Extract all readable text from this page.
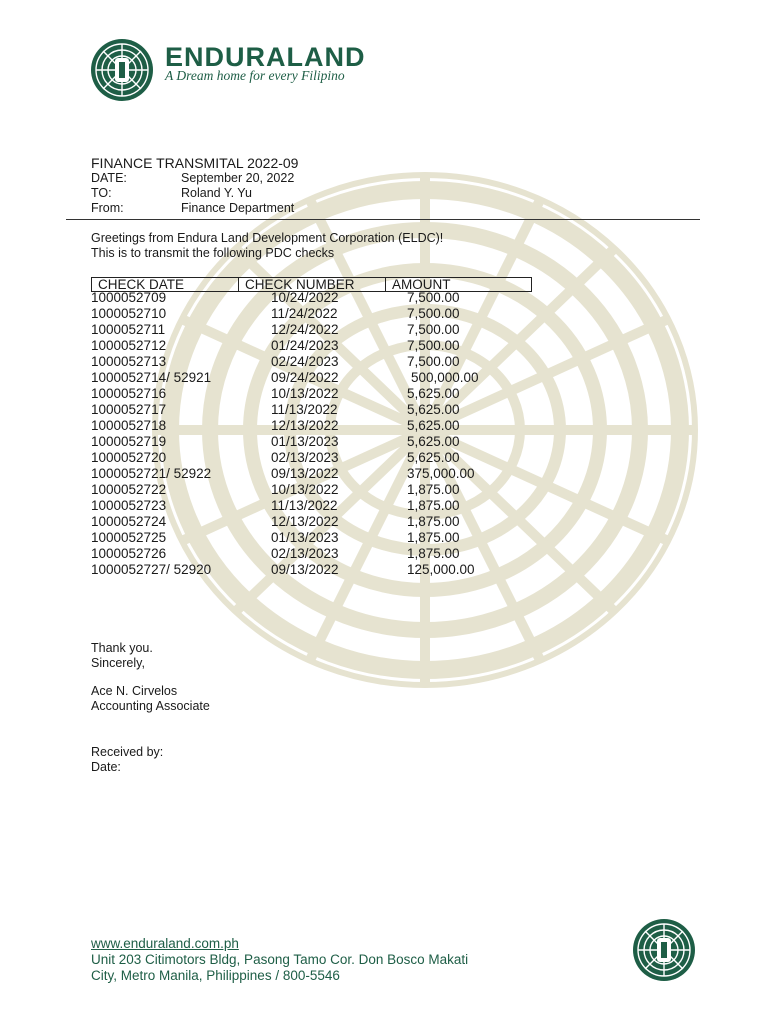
ENDURALAND
A Dream home for every Filipino
FINANCE TRANSMITAL 2022-09
DATE:	September 20, 2022
TO:	Roland Y. Yu
From:	Finance Department
Greetings from Endura Land Development Corporation (ELDC)!
This is to transmit the following PDC checks
CHECK DATE	CHECK NUMBER	AMOUNT
1000052709	10/24/2022	7,500.00
1000052710	11/24/2022	7,500.00
1000052711	12/24/2022	7,500.00
1000052712	01/24/2023	7,500.00
1000052713	02/24/2023	7,500.00
1000052714/ 52921	09/24/2022	500,000.00
1000052716	10/13/2022	5,625.00
1000052717	11/13/2022	5,625.00
1000052718	12/13/2022	5,625.00
1000052719	01/13/2023	5,625.00
1000052720	02/13/2023	5,625.00
1000052721/ 52922	09/13/2022	375,000.00
1000052722	10/13/2022	1,875.00
1000052723	11/13/2022	1,875.00
1000052724	12/13/2022	1,875.00
1000052725	01/13/2023	1,875.00
1000052726	02/13/2023	1,875.00
1000052727/ 52920	09/13/2022	125,000.00
Thank you.
Sincerely,
Ace N. Cirvelos
Accounting Associate
Received by:
Date:
www.enduraland.com.ph
Unit 203 Citimotors Bldg, Pasong Tamo Cor. Don Bosco Makati
City, Metro Manila, Philippines / 800-5546
